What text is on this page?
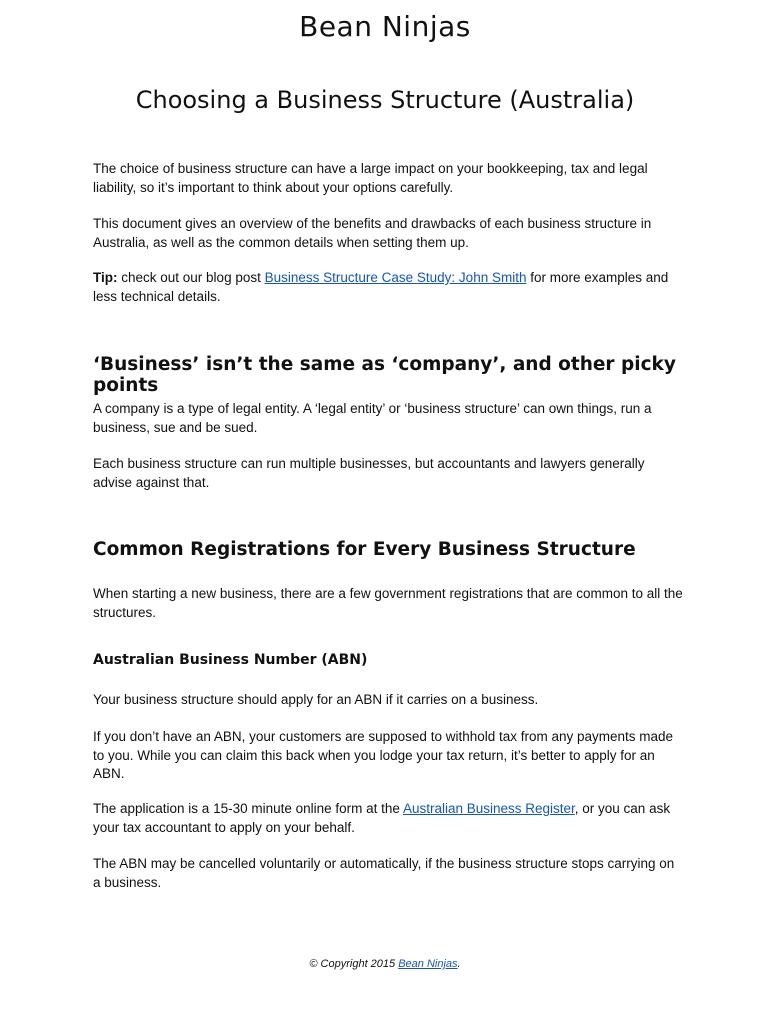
Bean Ninjas
Choosing a Business Structure (Australia)

The choice of business structure can have a large impact on your bookkeeping, tax and legal liability, so it’s important to think about your options carefully.

This document gives an overview of the benefits and drawbacks of each business structure in Australia, as well as the common details when setting them up.

Tip: check out our blog post Business Structure Case Study: John Smith for more examples and less technical details.

‘Business’ isn’t the same as ‘company’, and other picky points

A company is a type of legal entity. A ‘legal entity’ or ‘business structure’ can own things, run a business, sue and be sued.

Each business structure can run multiple businesses, but accountants and lawyers generally advise against that.

Common Registrations for Every Business Structure

When starting a new business, there are a few government registrations that are common to all the structures.

Australian Business Number (ABN)

Your business structure should apply for an ABN if it carries on a business.

If you don’t have an ABN, your customers are supposed to withhold tax from any payments made to you. While you can claim this back when you lodge your tax return, it’s better to apply for an ABN.

The application is a 15-30 minute online form at the Australian Business Register, or you can ask your tax accountant to apply on your behalf.

The ABN may be cancelled voluntarily or automatically, if the business structure stops carrying on a business.

© Copyright 2015 Bean Ninjas.
